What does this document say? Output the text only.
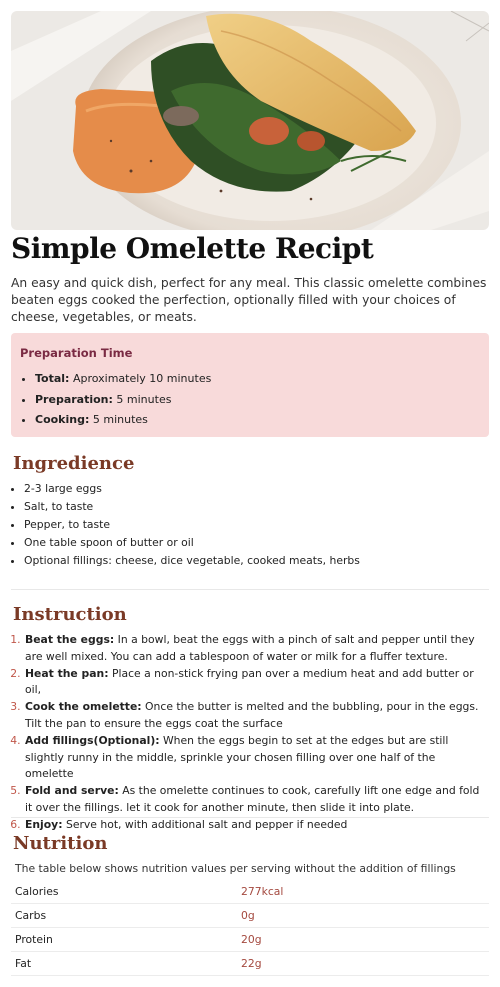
Simple Omelette Recipt

An easy and quick dish, perfect for any meal. This classic omelette combines beaten eggs cooked the perfection, optionally filled with your choices of cheese, vegetables, or meats.

Preparation Time
• Total: Aproximately 10 minutes
• Preparation: 5 minutes
• Cooking: 5 minutes
Ingredience
• 2-3 large eggs
• Salt, to taste
• Pepper, to taste
• One table spoon of butter or oil
• Optional fillings: cheese, dice vegetable, cooked meats, herbs
Instruction
1. Beat the eggs: In a bowl, beat the eggs with a pinch of salt and pepper until they are well mixed. You can add a tablespoon of water or milk for a fluffer texture.
2. Heat the pan: Place a non-stick frying pan over a medium heat and add butter or oil,
3. Cook the omelette: Once the butter is melted and the bubbling, pour in the eggs. Tilt the pan to ensure the eggs coat the surface
4. Add fillings(Optional): When the eggs begin to set at the edges but are still slightly runny in the middle, sprinkle your chosen filling over one half of the omelette
5. Fold and serve: As the omelette continues to cook, carefully lift one edge and fold it over the fillings. let it cook for another minute, then slide it into plate.
6. Enjoy: Serve hot, with additional salt and pepper if needed
Nutrition

The table below shows nutrition values per serving without the addition of fillings

Calories	277kcal
Carbs	0g
Protein	20g
Fat	22g
